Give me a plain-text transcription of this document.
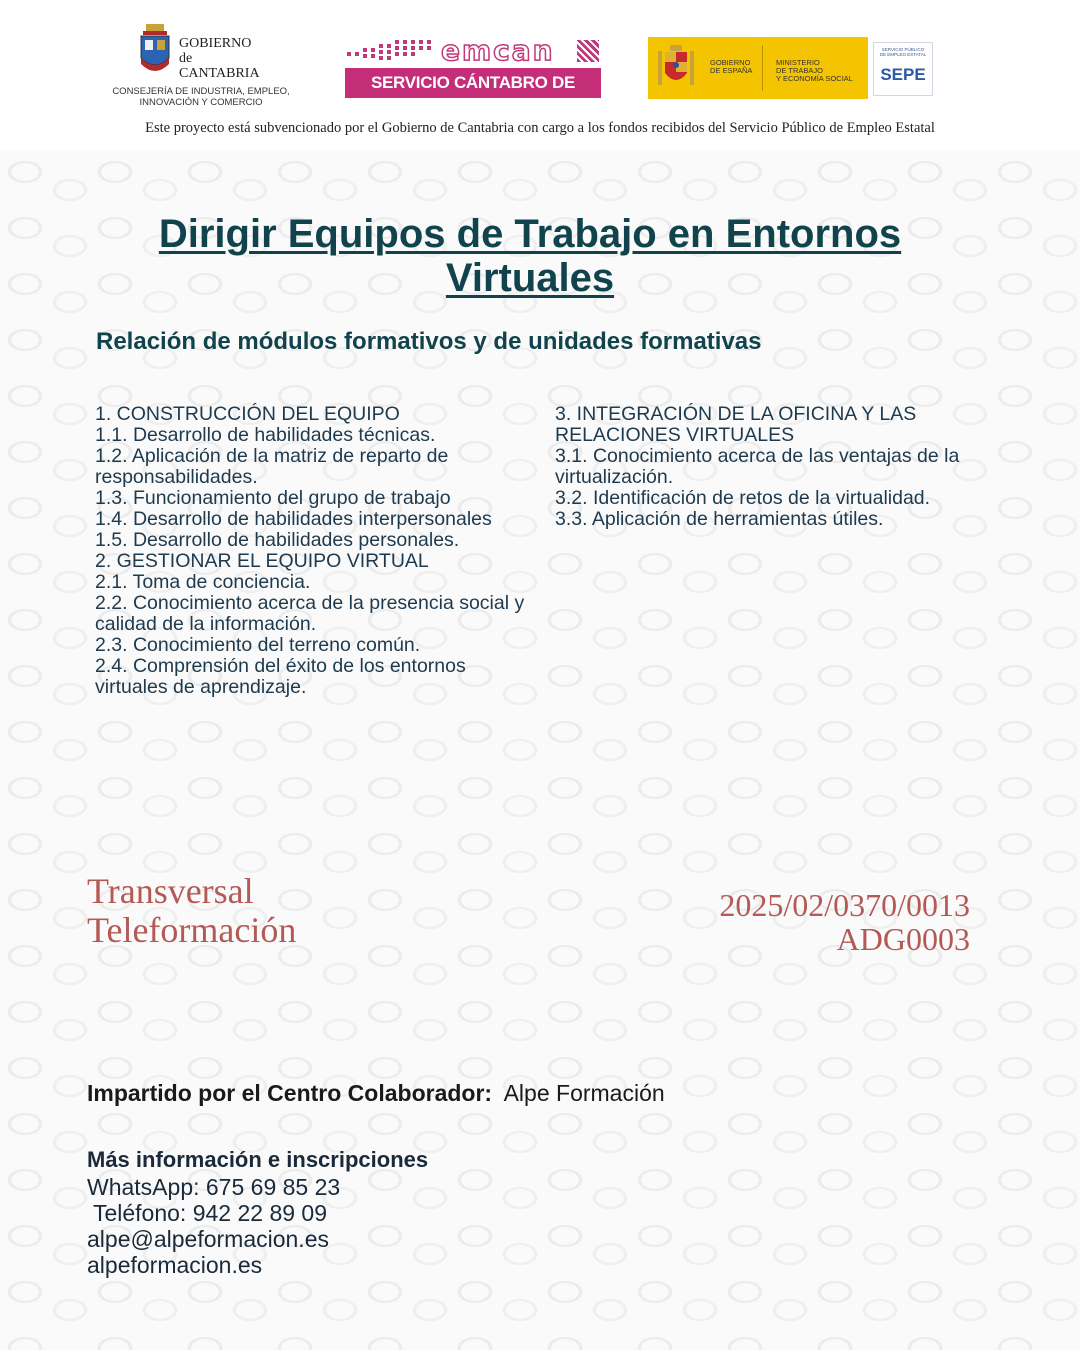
GOBIERNO
de
CANTABRIA
CONSEJERÍA DE INDUSTRIA, EMPLEO,
INNOVACIÓN Y COMERCIO
emcan
SERVICIO CÁNTABRO DE EMPLEO
GOBIERNO
DE ESPAÑA
MINISTERIO
DE TRABAJO
Y ECONOMÍA SOCIAL
SERVICIO PÚBLICO
DE EMPLEO ESTATAL
SEPE
Este proyecto está subvencionado por el Gobierno de Cantabria con cargo a los fondos recibidos del Servicio Público de Empleo Estatal
Dirigir Equipos de Trabajo en Entornos Virtuales
Relación de módulos formativos y de unidades formativas
1. CONSTRUCCIÓN DEL EQUIPO
1.1. Desarrollo de habilidades técnicas.
1.2. Aplicación de la matriz de reparto de responsabilidades.
1.3. Funcionamiento del grupo de trabajo
1.4. Desarrollo de habilidades interpersonales
1.5. Desarrollo de habilidades personales.
2. GESTIONAR EL EQUIPO VIRTUAL
2.1. Toma de conciencia.
2.2. Conocimiento acerca de la presencia social y calidad de la información.
2.3. Conocimiento del terreno común.
2.4. Comprensión del éxito de los entornos virtuales de aprendizaje.
3. INTEGRACIÓN DE LA OFICINA Y LAS RELACIONES VIRTUALES
3.1. Conocimiento acerca de las ventajas de la virtualización.
3.2. Identificación de retos de la virtualidad.
3.3. Aplicación de herramientas útiles.
Transversal
Teleformación
2025/02/0370/0013
ADG0003
Impartido por el Centro Colaborador: Alpe Formación
Más información e inscripciones
WhatsApp: 675 69 85 23
Teléfono: 942 22 89 09
alpe@alpeformacion.es
alpeformacion.es
